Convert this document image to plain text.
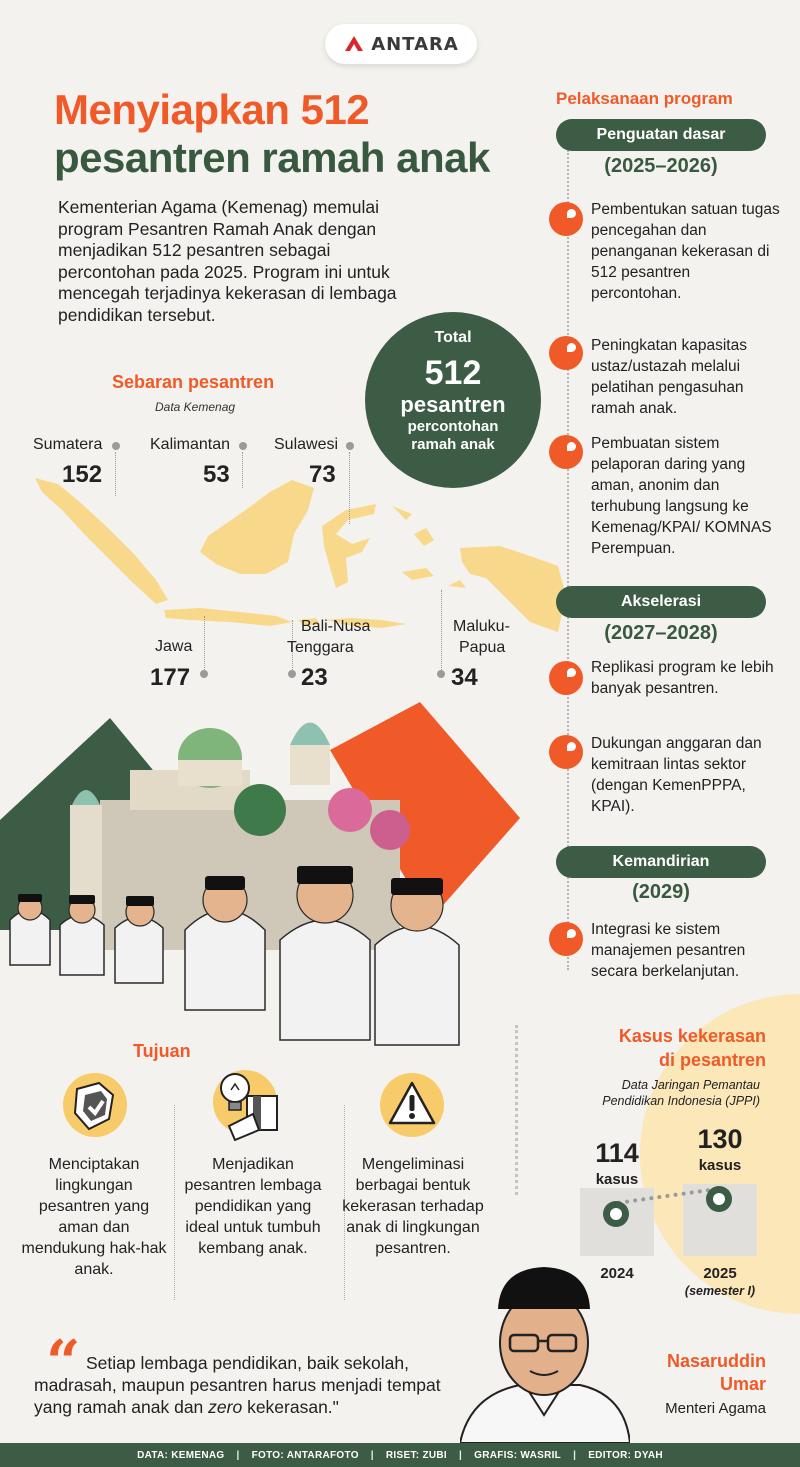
ANTARA
Menyiapkan 512
pesantren ramah anak
Kementerian Agama (Kemenag) memulai program Pesantren Ramah Anak dengan menjadikan 512 pesantren sebagai percontohan pada 2025. Program ini untuk mencegah terjadinya kekerasan di lembaga pendidikan tersebut.
Total
512
pesantren
percontohan ramah anak
Sebaran pesantren
Data Kemenag
Sumatera
152
Kalimantan
53
Sulawesi
73
Jawa
177
Bali-Nusa
Tenggara
23
Maluku-
Papua
34
Pelaksanaan program
Penguatan dasar
(2025–2026)
Pembentukan satuan tugas pencegahan dan penanganan kekerasan di 512 pesantren percontohan.
Peningkatan kapasitas ustaz/ustazah melalui pelatihan pengasuhan ramah anak.
Pembuatan sistem pelaporan daring yang aman, anonim dan terhubung langsung ke Kemenag/KPAI/ KOMNAS Perempuan.
Akselerasi
(2027–2028)
Replikasi program ke lebih banyak pesantren.
Dukungan anggaran dan kemitraan lintas sektor (dengan KemenPPPA, KPAI).
Kemandirian
(2029)
Integrasi ke sistem manajemen pesantren secara berkelanjutan.
Tujuan
Menciptakan lingkungan pesantren yang aman dan mendukung hak-hak anak.
Menjadikan pesantren lembaga pendidikan yang ideal untuk tumbuh kembang anak.
Mengeliminasi berbagai bentuk kekerasan terhadap anak di lingkungan pesantren.
Kasus kekerasan
di pesantren
Data Jaringan Pemantau Pendidikan Indonesia (JPPI)
114
kasus
130
kasus
2024	2025
(semester I)
“ Setiap lembaga pendidikan, baik sekolah, madrasah, maupun pesantren harus menjadi tempat yang ramah anak dan zero kekerasan."
Nasaruddin
Umar
Menteri Agama
DATA: KEMENAG | FOTO: ANTARAFOTO | RISET: ZUBI | GRAFIS: WASRIL | EDITOR: DYAH
